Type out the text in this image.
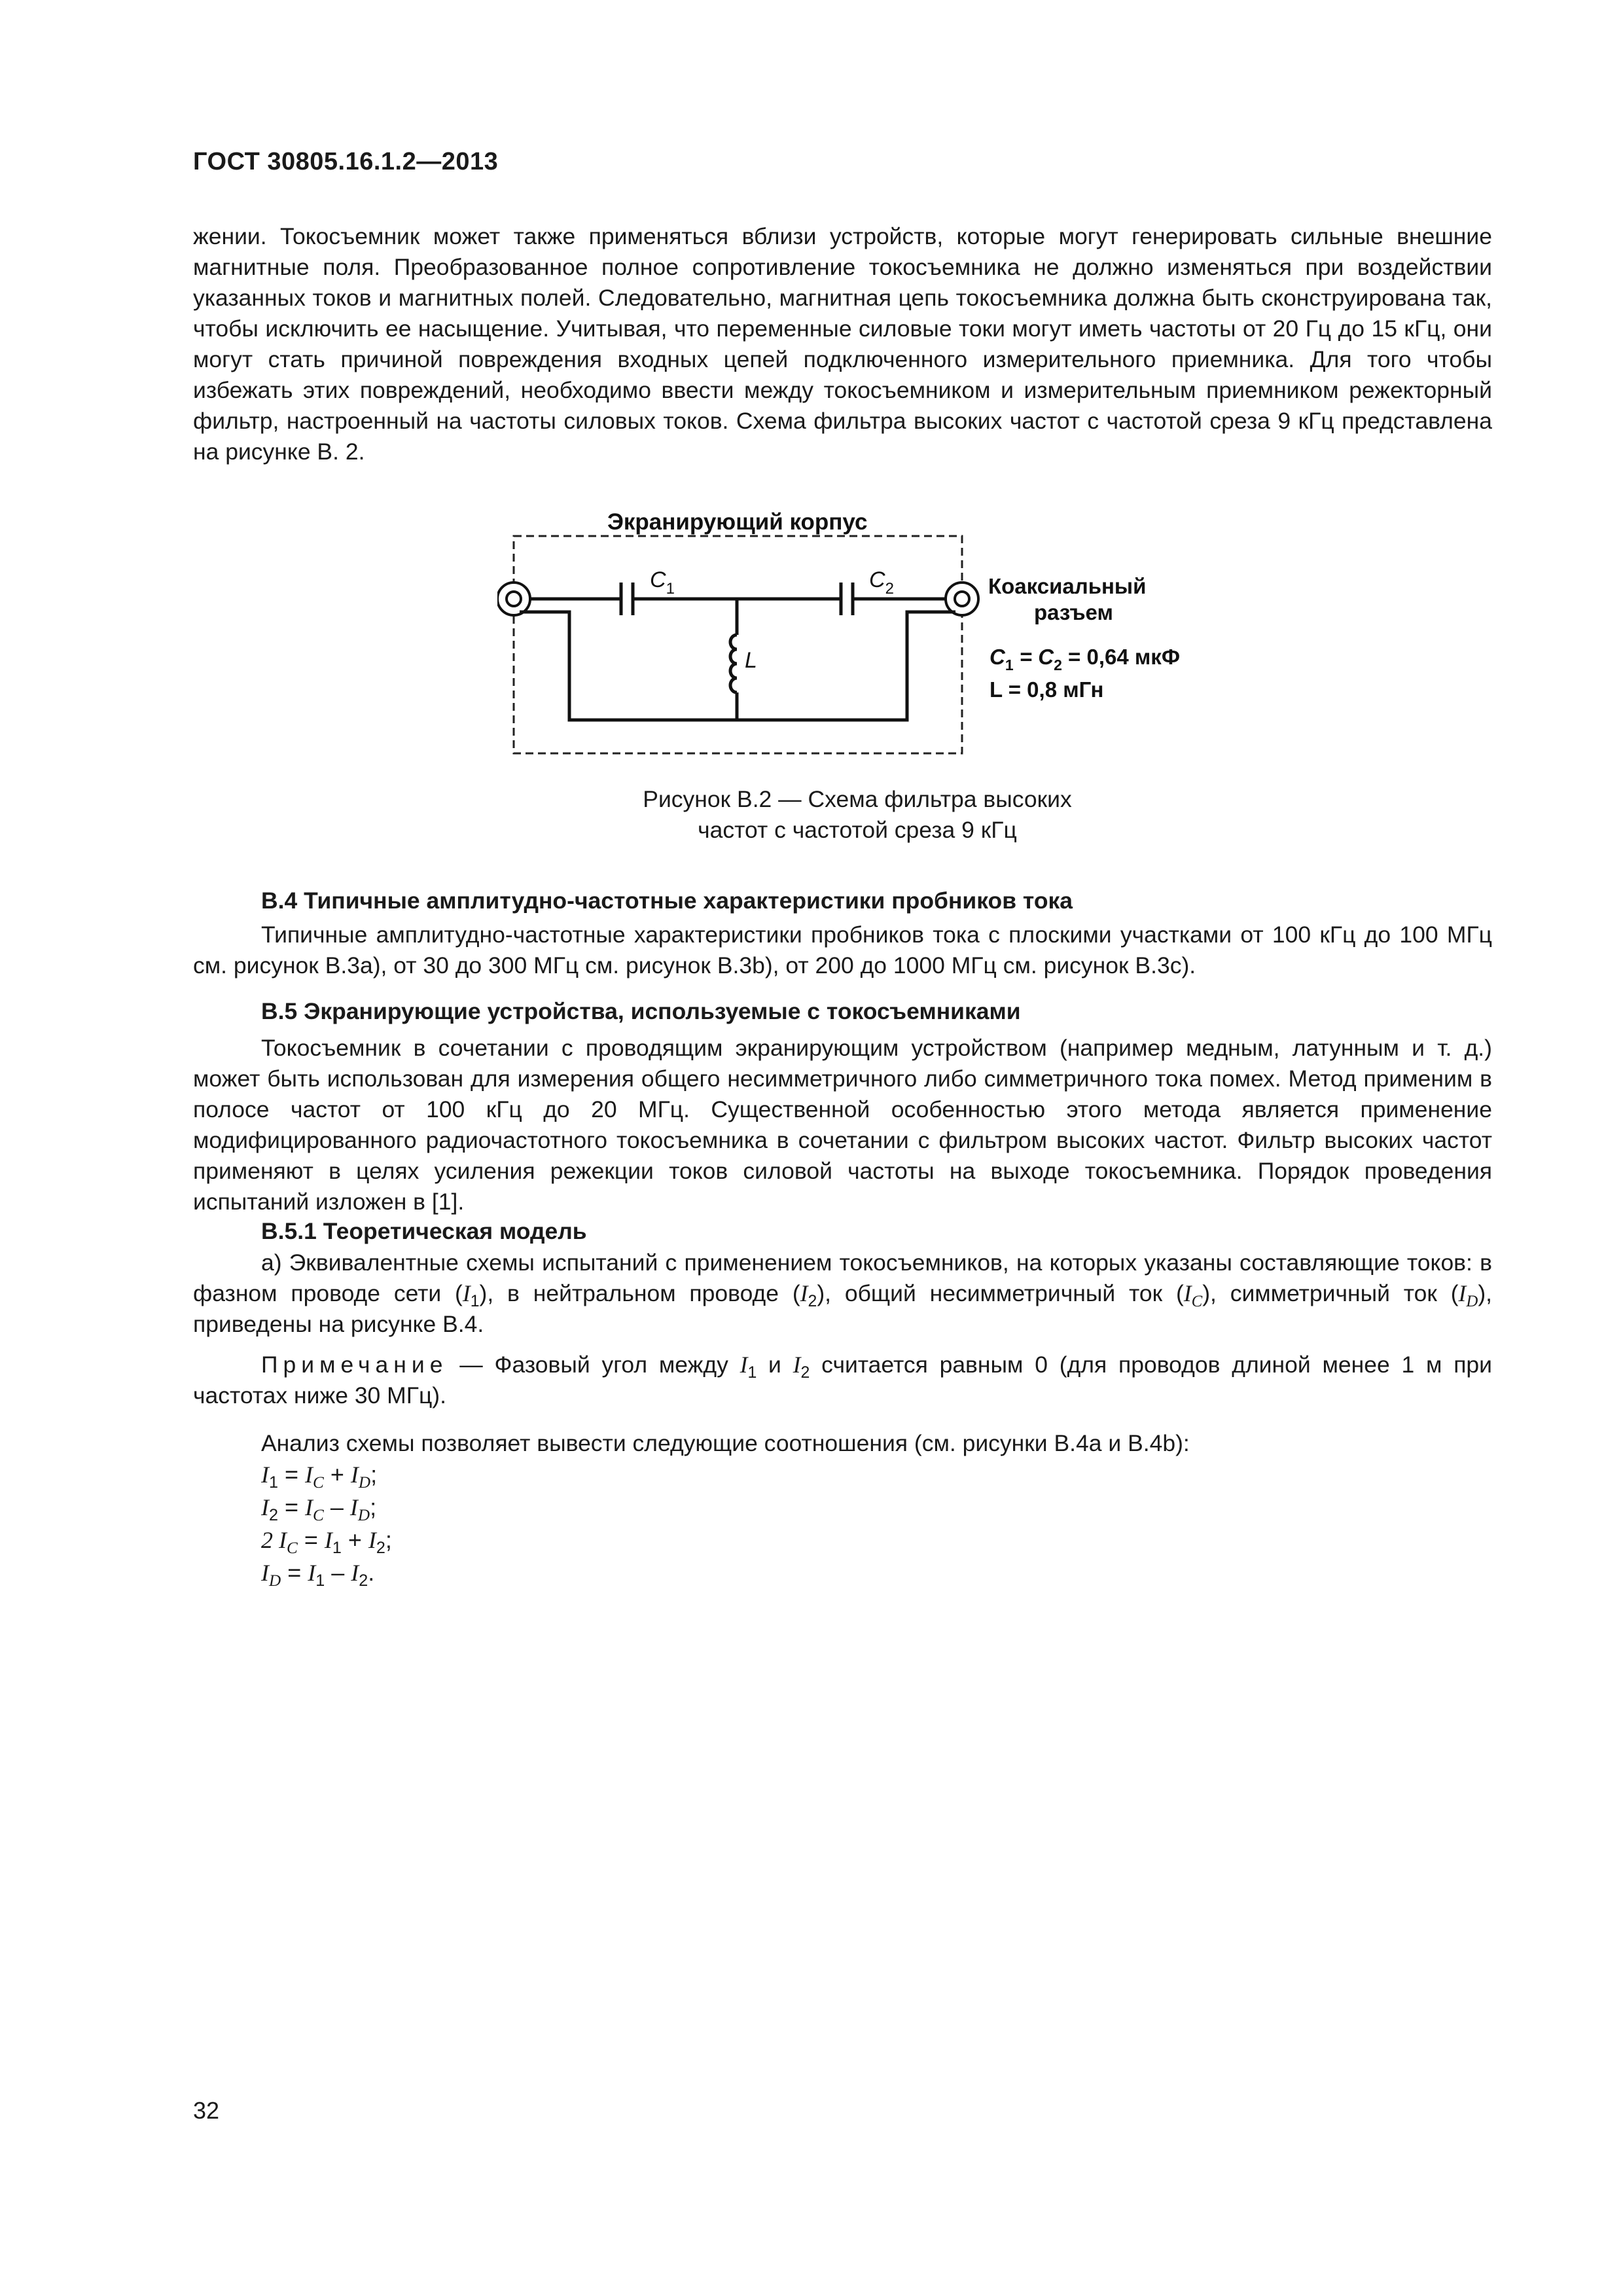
ГОСТ 30805.16.1.2—2013
жении. Токосъемник может также применяться вблизи устройств, которые могут генерировать сильные внешние магнитные поля. Преобразованное полное сопротивление токосъемника не должно изменяться при воздействии указанных токов и магнитных полей. Следовательно, магнитная цепь токосъемника должна быть сконструирована так, чтобы исключить ее насыщение. Учитывая, что переменные силовые токи могут иметь частоты от 20 Гц до 15 кГц, они могут стать причиной повреждения входных цепей подключенного измерительного приемника. Для того чтобы избежать этих повреждений, необходимо ввести между токосъемником и измерительным приемником режекторный фильтр, настроенный на частоты силовых токов. Схема фильтра высоких частот с частотой среза 9 кГц представлена на рисунке В. 2.
Экранирующий корпус
$C_1$	$C_2$
L
Коаксиальный
разъем
$C_1 = C_2 = 0,64$ мкФ
L = 0,8 мГн
Рисунок В.2 — Схема фильтра высоких
частот с частотой среза 9 кГц
В.4 Типичные амплитудно-частотные характеристики пробников тока
Типичные амплитудно-частотные характеристики пробников тока с плоскими участками от 100 кГц до 100 МГц см. рисунок В.3а), от 30 до 300 МГц см. рисунок В.3b), от 200 до 1000 МГц см. рисунок В.3с).
В.5 Экранирующие устройства, используемые с токосъемниками
Токосъемник в сочетании с проводящим экранирующим устройством (например медным, латунным и т. д.) может быть использован для измерения общего несимметричного либо симметричного тока помех. Метод применим в полосе частот от 100 кГц до 20 МГц. Существенной особенностью этого метода является применение модифицированного радиочастотного токосъемника в сочетании с фильтром высоких частот. Фильтр высоких частот применяют в целях усиления режекции токов силовой частоты на выходе токосъемника. Порядок проведения испытаний изложен в [1].
В.5.1 Теоретическая модель
а) Эквивалентные схемы испытаний с применением токосъемников, на которых указаны составляющие токов: в фазном проводе сети $(I_1)$, в нейтральном проводе $(I_2)$, общий несимметричный ток $(I_C)$, симметричный ток $(I_D)$, приведены на рисунке В.4.
Примечание — Фазовый угол между $I_1$ и $I_2$ считается равным 0 (для проводов длиной менее 1 м при частотах ниже 30 МГц).
Анализ схемы позволяет вывести следующие соотношения (см. рисунки В.4а и В.4b):
$I_1 = I_C + I_D$;
$I_2 = I_C - I_D$;
2 $I_C = I_1 + I_2$;
$I_D = I_1 - I_2$.
32
